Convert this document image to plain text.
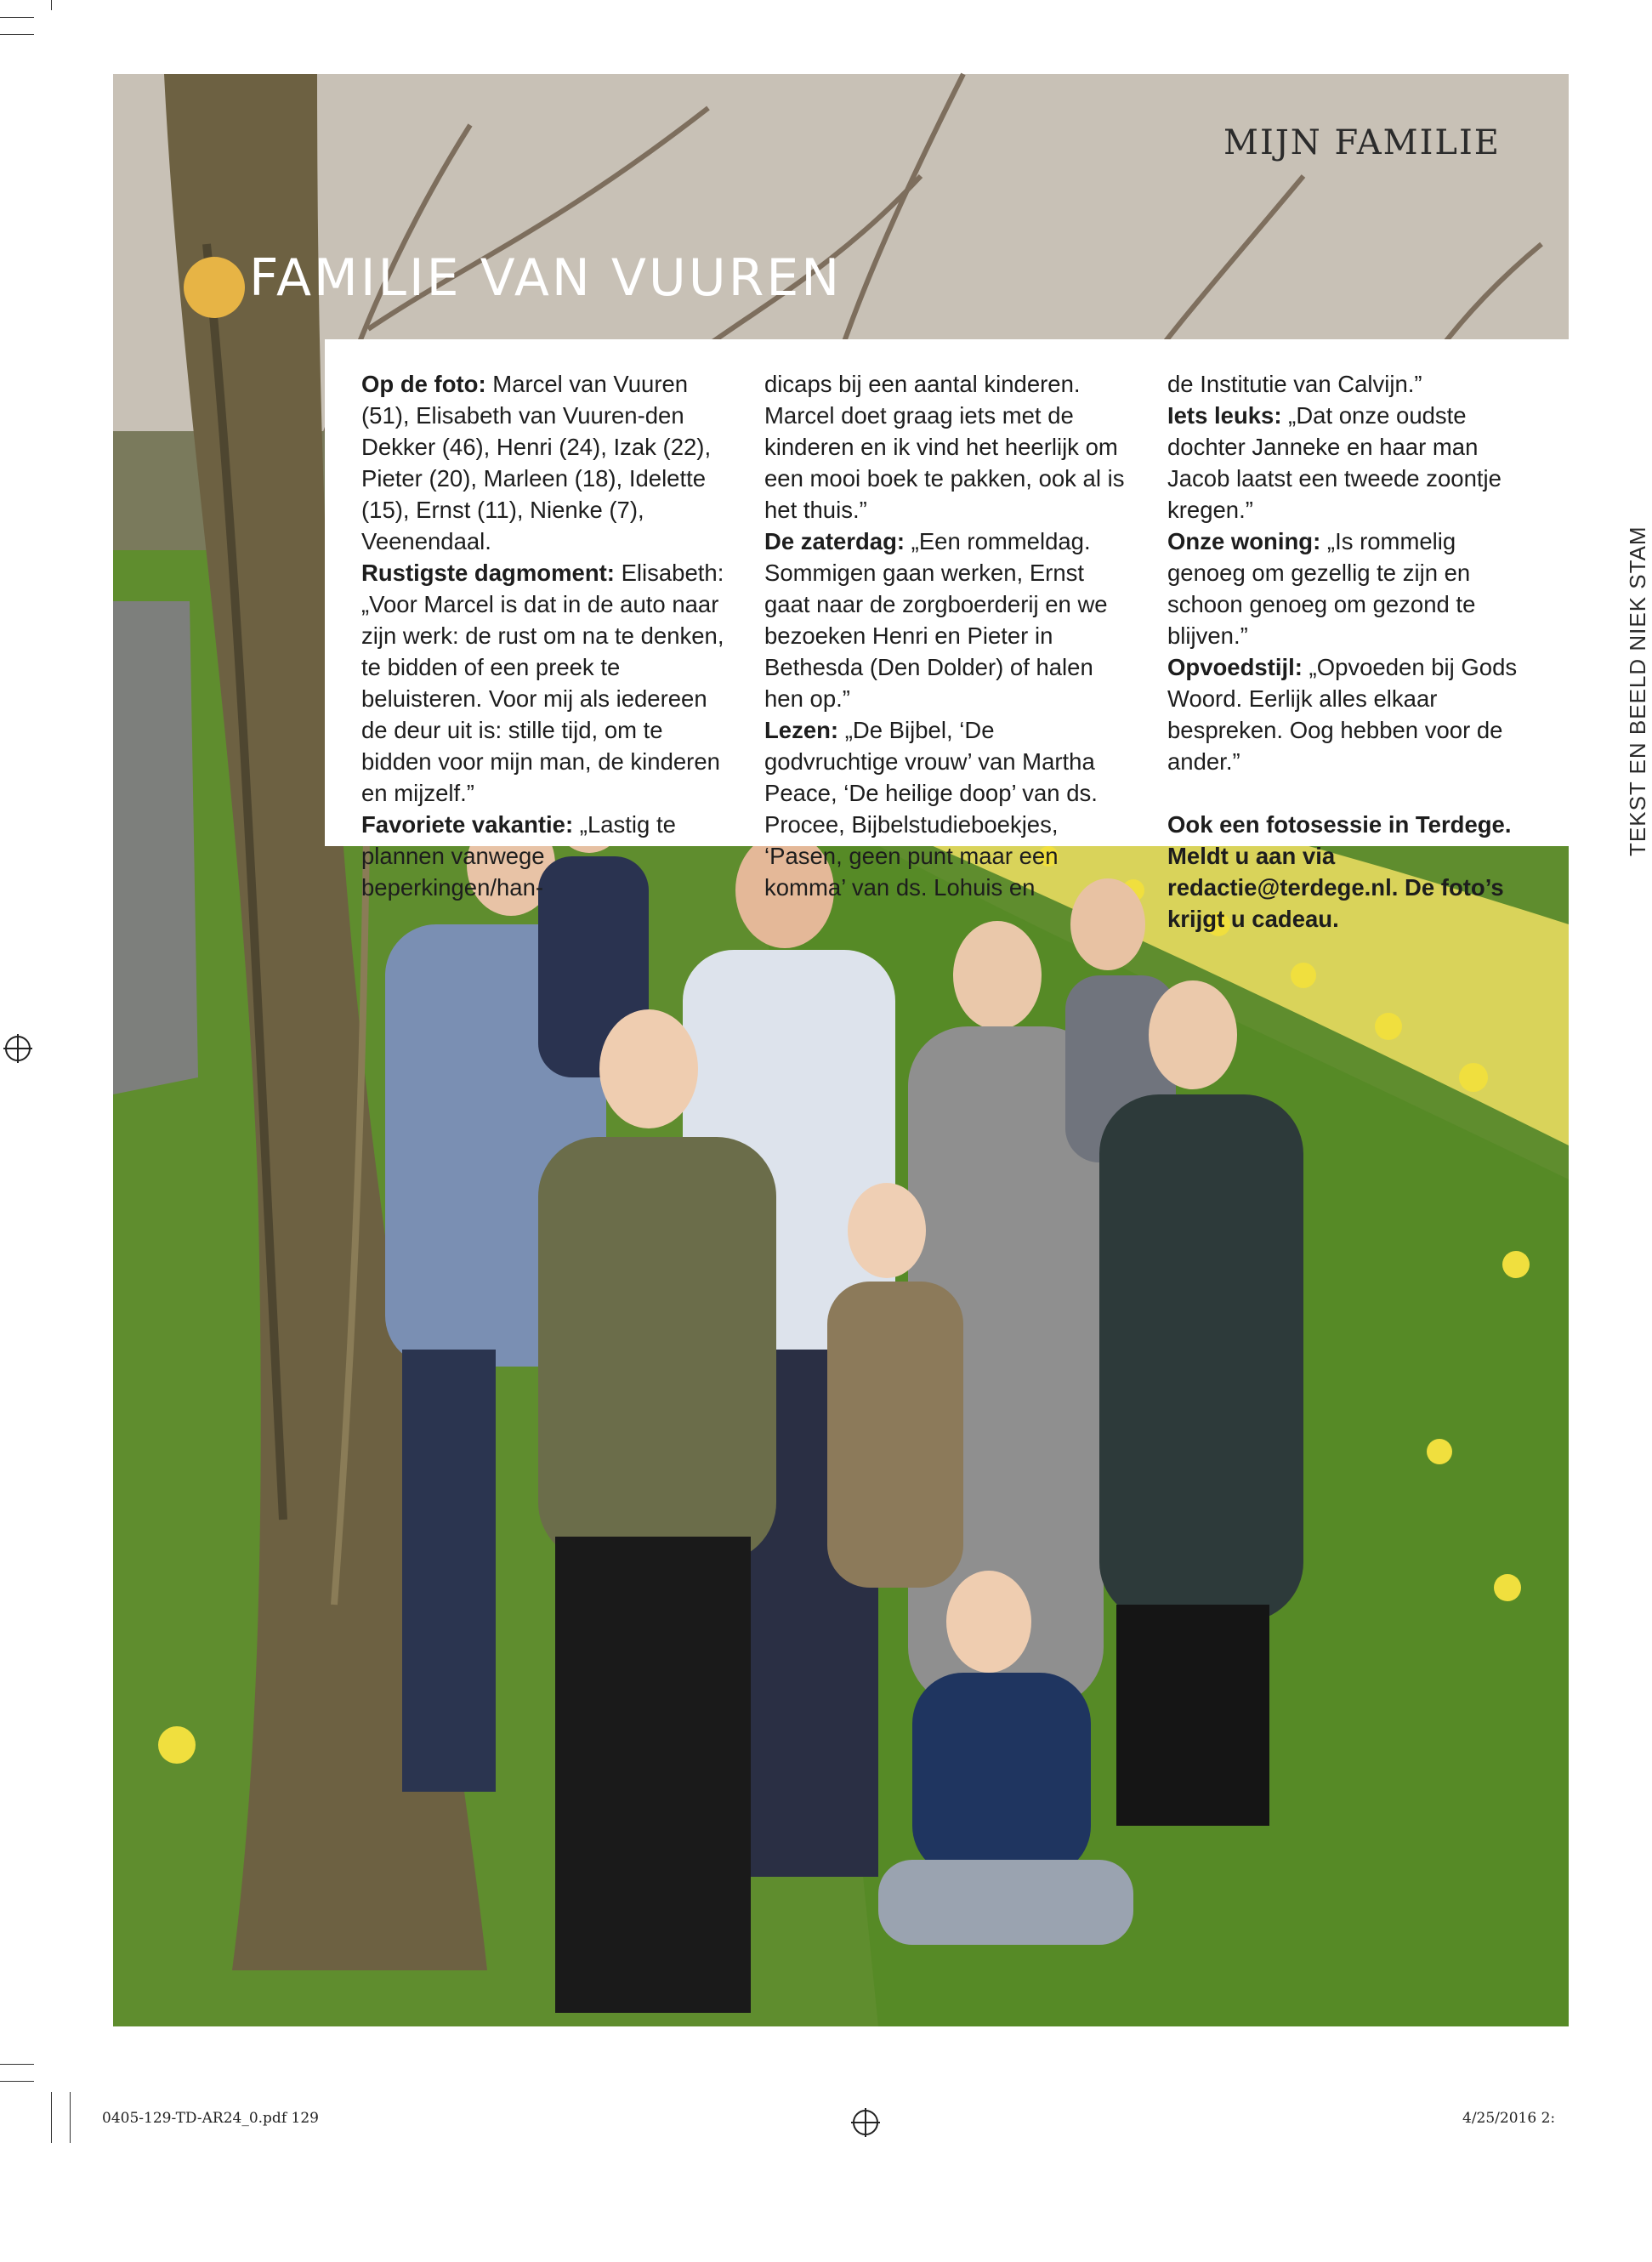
MIJN FAMILIE
FAMILIE VAN VUUREN

Op de foto: Marcel van Vuuren (51), Elisabeth van Vuuren-den Dekker (46), Henri (24), Izak (22), Pieter (20), Marleen (18), Idelette (15), Ernst (11), Nienke (7), Veenendaal.

Rustigste dagmoment: Elisabeth: „Voor Marcel is dat in de auto naar zijn werk: de rust om na te denken, te bidden of een preek te beluisteren. Voor mij als iedereen de deur uit is: stille tijd, om te bidden voor mijn man, de kinderen en mijzelf.”

Favoriete vakantie: „Lastig te plannen vanwege beperkingen/han-

dicaps bij een aantal kinderen. Marcel doet graag iets met de kinderen en ik vind het heerlijk om een mooi boek te pakken, ook al is het thuis.”

De zaterdag: „Een rommeldag. Sommigen gaan werken, Ernst gaat naar de zorgboerderij en we bezoeken Henri en Pieter in Bethesda (Den Dolder) of halen hen op.”

Lezen: „De Bijbel, ‘De godvruchtige vrouw’ van Martha Peace, ‘De heilige doop’ van ds. Procee, Bijbelstudieboekjes, ‘Pasen, geen punt maar een komma’ van ds. Lohuis en

de Institutie van Calvijn.”

Iets leuks: „Dat onze oudste dochter Janneke en haar man Jacob laatst een tweede zoontje kregen.”

Onze woning: „Is rommelig genoeg om gezellig te zijn en schoon genoeg om gezond te blijven.”

Opvoedstijl: „Opvoeden bij Gods Woord. Eerlijk alles elkaar bespreken. Oog hebben voor de ander.”

Ook een fotosessie in Terdege. Meldt u aan via redactie@terdege.nl. De foto’s krijgt u cadeau.

TEKST EN BEELD NIEK STAM
0405-129-TD-AR24_0.pdf 129	4/25/2016 2:
